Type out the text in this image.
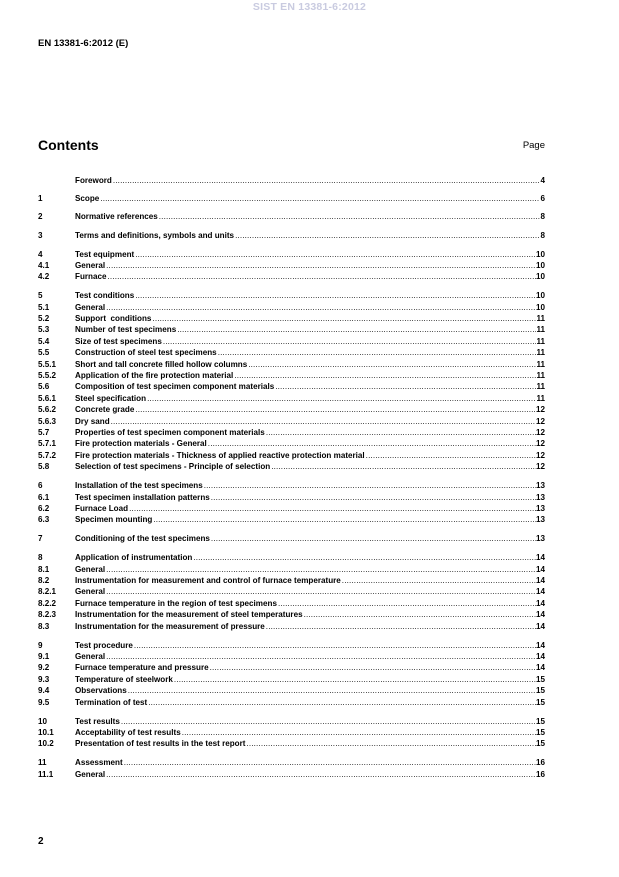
SIST EN 13381-6:2012
EN 13381-6:2012 (E)
Contents	Page
Foreword .....	4
1	Scope .....	6
2	Normative references .....	8
3	Terms and definitions, symbols and units .....	8
4	Test equipment .....	10
4.1	General .....	10
4.2	Furnace .....	10
5	Test conditions .....	10
5.1	General .....	10
5.2	Support  conditions .....	11
5.3	Number of test specimens .....	11
5.4	Size of test specimens .....	11
5.5	Construction of steel test specimens .....	11
5.5.1	Short and tall concrete filled hollow columns .....	11
5.5.2	Application of the fire protection material .....	11
5.6	Composition of test specimen component materials .....	11
5.6.1	Steel specification .....	11
5.6.2	Concrete grade .....	12
5.6.3	Dry sand .....	12
5.7	Properties of test specimen component materials .....	12
5.7.1	Fire protection materials - General .....	12
5.7.2	Fire protection materials - Thickness of applied reactive protection material .....	12
5.8	Selection of test specimens - Principle of selection .....	12
6	Installation of the test specimens .....	13
6.1	Test specimen installation patterns .....	13
6.2	Furnace Load .....	13
6.3	Specimen mounting .....	13
7	Conditioning of the test specimens .....	13
8	Application of instrumentation .....	14
8.1	General .....	14
8.2	Instrumentation for measurement and control of furnace temperature .....	14
8.2.1	General .....	14
8.2.2	Furnace temperature in the region of test specimens .....	14
8.2.3	Instrumentation for the measurement of steel temperatures .....	14
8.3	Instrumentation for the measurement of pressure .....	14
9	Test procedure .....	14
9.1	General .....	14
9.2	Furnace temperature and pressure .....	14
9.3	Temperature of steelwork .....	15
9.4	Observations .....	15
9.5	Termination of test .....	15
10	Test results .....	15
10.1	Acceptability of test results .....	15
10.2	Presentation of test results in the test report .....	15
11	Assessment .....	16
11.1	General .....	16
2
